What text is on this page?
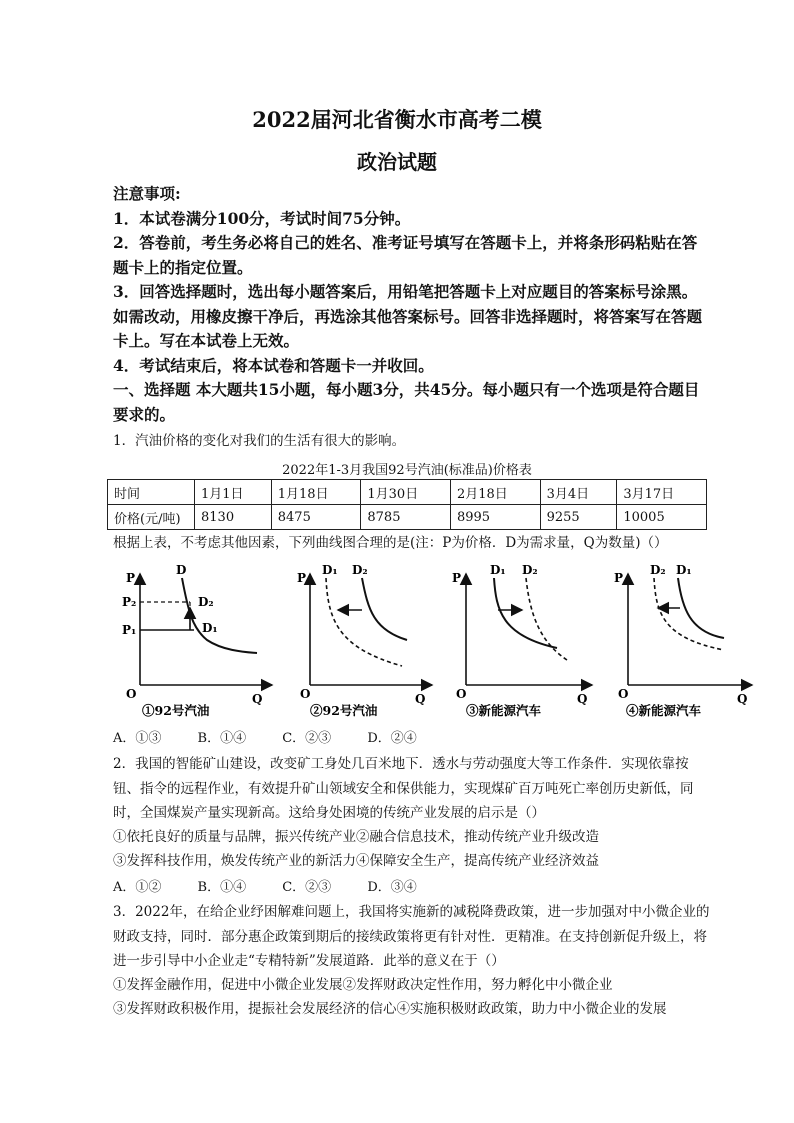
2022届河北省衡水市高考二模
政治试题
注意事项:
1．本试卷满分100分，考试时间75分钟。
2．答卷前，考生务必将自己的姓名、准考证号填写在答题卡上，并将条形码粘贴在答题卡上的指定位置。
3．回答选择题时，选出每小题答案后，用铅笔把答题卡上对应题目的答案标号涂黑。如需改动，用橡皮擦干净后，再选涂其他答案标号。回答非选择题时，将答案写在答题卡上。写在本试卷上无效。
4．考试结束后，将本试卷和答题卡一并收回。
一、选择题 本大题共15小题，每小题3分，共45分。每小题只有一个选项是符合题目要求的。
1．汽油价格的变化对我们的生活有很大的影响。
2022年1-3月我国92号汽油(标准品)价格表
时间	1月1日	1月18日	1月30日	2月18日	3月4日	3月17日
价格(元/吨)	8130	8475	8785	8995	9255	10005
根据上表，不考虑其他因素，下列曲线图合理的是(注：P为价格．D为需求量，Q为数量)（）
P
Q
O
D
D₂
D₁
P₂
P₁
①92号汽油
P
Q
O
D₁ D₂
②92号汽油
P
Q
O
D₁ D₂
③新能源汽车
P
Q
O
D₂ D₁
④新能源汽车
A．①③	B．①④	C．②③	D．②④
2．我国的智能矿山建设，改变矿工身处几百米地下．透水与劳动强度大等工作条件．实现依靠按钮、指令的远程作业，有效提升矿山领域安全和保供能力，实现煤矿百万吨死亡率创历史新低，同时，全国煤炭产量实现新高。这给身处困境的传统产业发展的启示是（）
①依托良好的质量与品牌，振兴传统产业②融合信息技术，推动传统产业升级改造
③发挥科技作用，焕发传统产业的新活力④保障安全生产，提高传统产业经济效益
A．①②	B．①④	C．②③	D．③④
3．2022年，在给企业纾困解难问题上，我国将实施新的减税降费政策，进一步加强对中小微企业的财政支持，同时．部分惠企政策到期后的接续政策将更有针对性．更精准。在支持创新促升级上，将进一步引导中小企业走“专精特新”发展道路．此举的意义在于（）
①发挥金融作用，促进中小微企业发展②发挥财政决定性作用，努力孵化中小微企业
③发挥财政积极作用，提振社会发展经济的信心④实施积极财政政策，助力中小微企业的发展
